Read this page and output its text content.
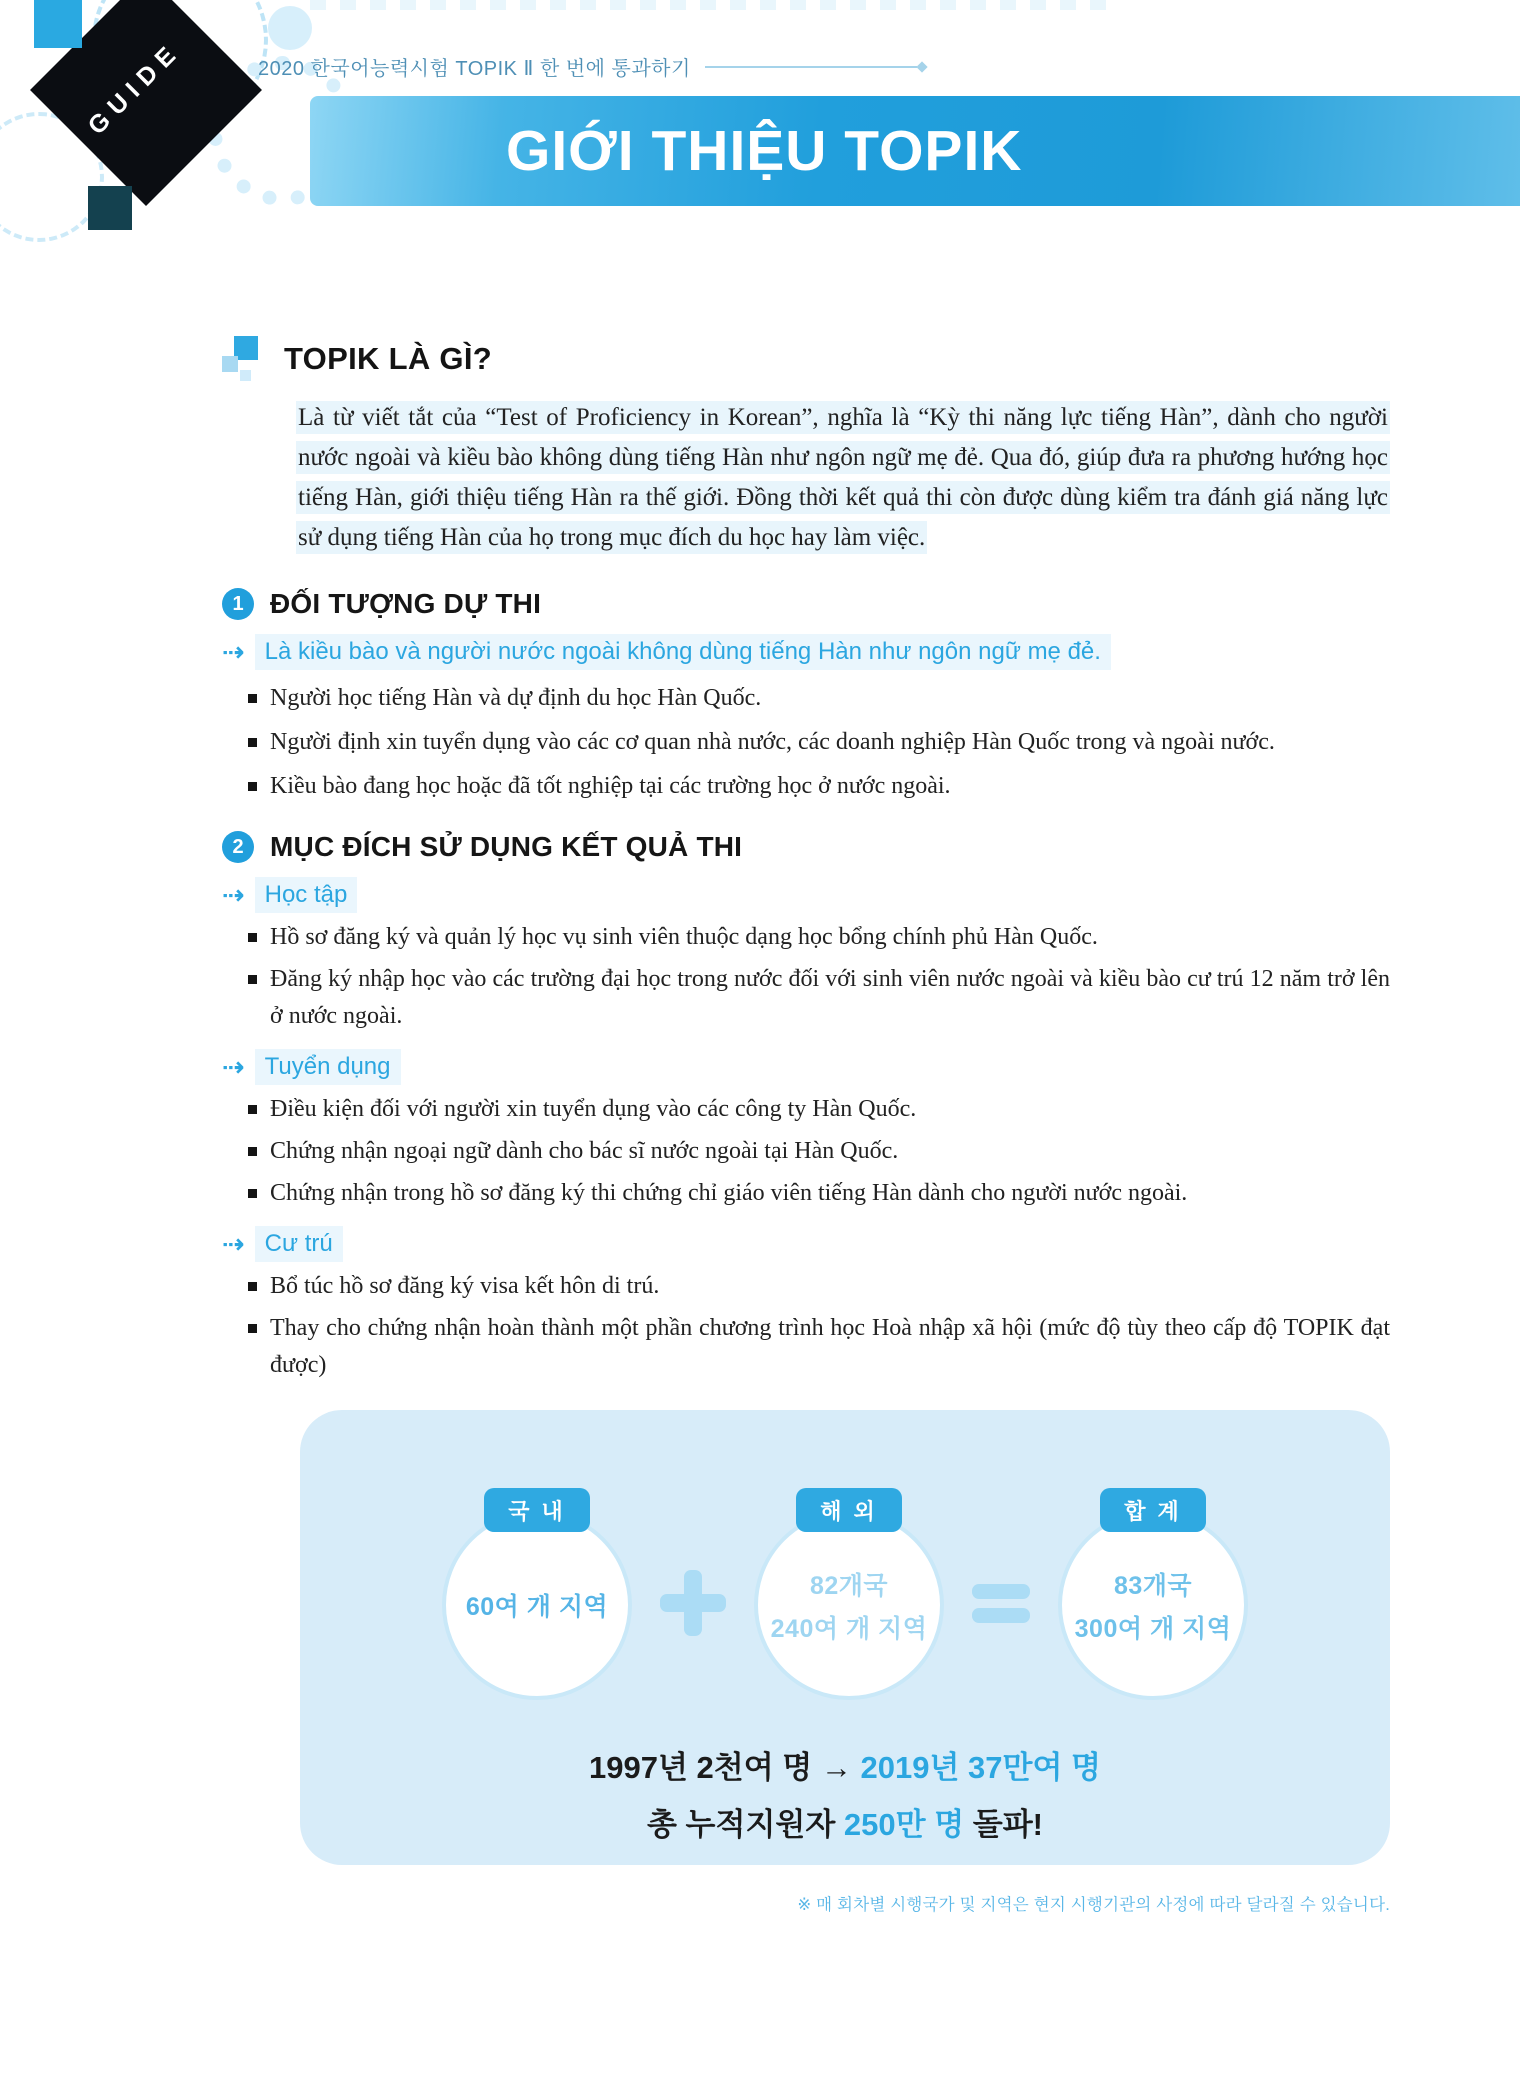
GUIDE	2020 한국어능력시험 TOPIK Ⅱ 한 번에 통과하기
GIỚI THIỆU TOPIK
TOPIK LÀ GÌ?

Là từ viết tắt của “Test of Proficiency in Korean”, nghĩa là “Kỳ thi năng lực tiếng Hàn”, dành cho người nước ngoài và kiều bào không dùng tiếng Hàn như ngôn ngữ mẹ đẻ. Qua đó, giúp đưa ra phương hướng học tiếng Hàn, giới thiệu tiếng Hàn ra thế giới. Đồng thời kết quả thi còn được dùng kiểm tra đánh giá năng lực sử dụng tiếng Hàn của họ trong mục đích du học hay làm việc.

1 ĐỐI TƯỢNG DỰ THI
⇢ Là kiều bào và người nước ngoài không dùng tiếng Hàn như ngôn ngữ mẹ đẻ.
Người học tiếng Hàn và dự định du học Hàn Quốc.
Người định xin tuyển dụng vào các cơ quan nhà nước, các doanh nghiệp Hàn Quốc trong và ngoài nước.
Kiều bào đang học hoặc đã tốt nghiệp tại các trường học ở nước ngoài.
2 MỤC ĐÍCH SỬ DỤNG KẾT QUẢ THI
⇢ Học tập
Hồ sơ đăng ký và quản lý học vụ sinh viên thuộc dạng học bổng chính phủ Hàn Quốc.
Đăng ký nhập học vào các trường đại học trong nước đối với sinh viên nước ngoài và kiều bào cư trú 12 năm trở lên ở nước ngoài.
⇢ Tuyển dụng
Điều kiện đối với người xin tuyển dụng vào các công ty Hàn Quốc.
Chứng nhận ngoại ngữ dành cho bác sĩ nước ngoài tại Hàn Quốc.
Chứng nhận trong hồ sơ đăng ký thi chứng chỉ giáo viên tiếng Hàn dành cho người nước ngoài.
⇢ Cư trú
Bổ túc hồ sơ đăng ký visa kết hôn di trú.
Thay cho chứng nhận hoàn thành một phần chương trình học Hoà nhập xã hội (mức độ tùy theo cấp độ TOPIK đạt được)
국 내
60여 개 지역
해 외
82개국
240여 개 지역
합 계
83개국
300여 개 지역
1997년 2천여 명 → 2019년 37만여 명
총 누적지원자 250만 명 돌파!

※ 매 회차별 시행국가 및 지역은 현지 시행기관의 사정에 따라 달라질 수 있습니다.
